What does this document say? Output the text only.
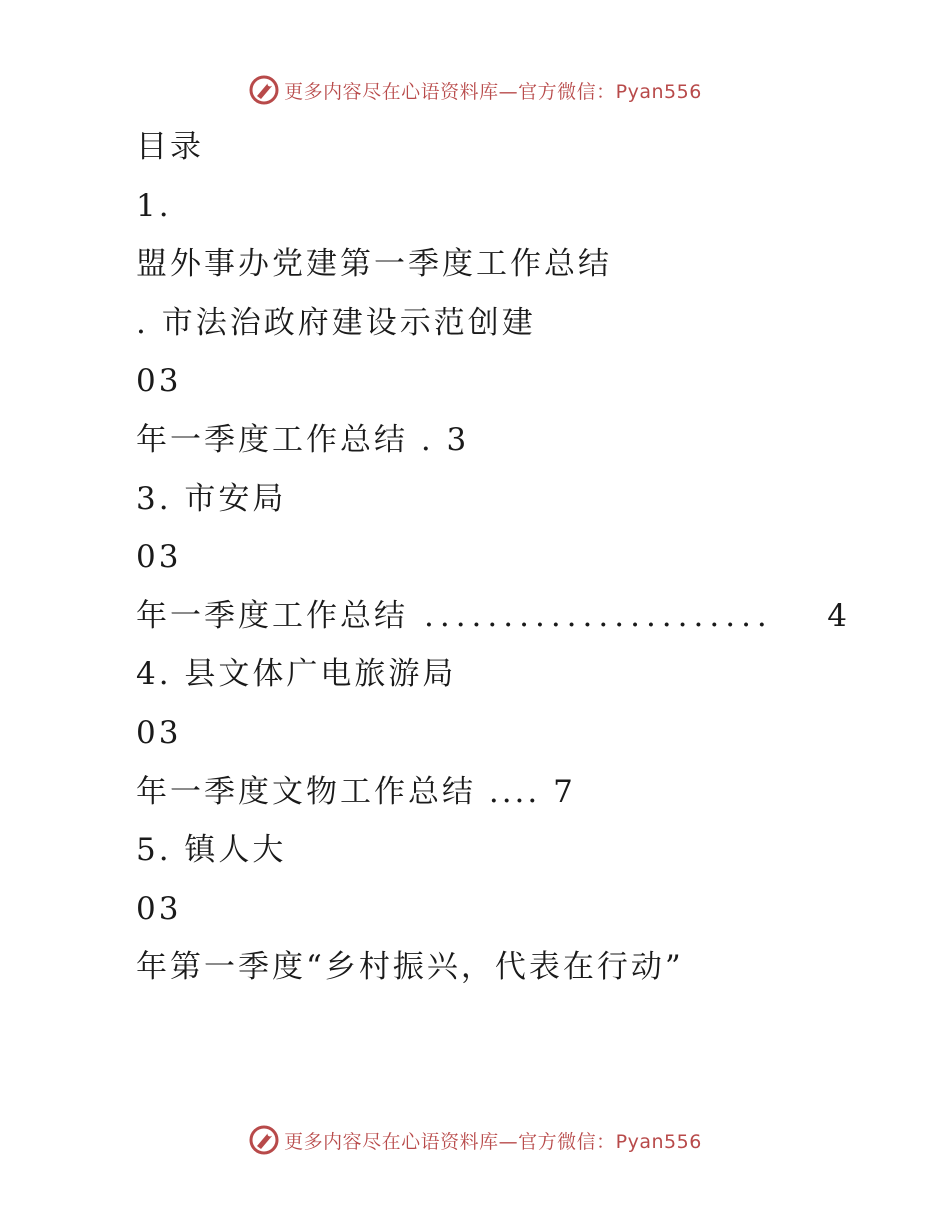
更多内容尽在心语资料库—官方微信：Pyan556
目录
1.
盟外事办党建第一季度工作总结
. 市法治政府建设示范创建
03
年一季度工作总结 . 3
3. 市安局
03
年一季度工作总结 ......................	4
4. 县文体广电旅游局
03
年一季度文物工作总结 .... 7
5. 镇人大
03
年第一季度“乡村振兴，代表在行动”
更多内容尽在心语资料库—官方微信：Pyan556
